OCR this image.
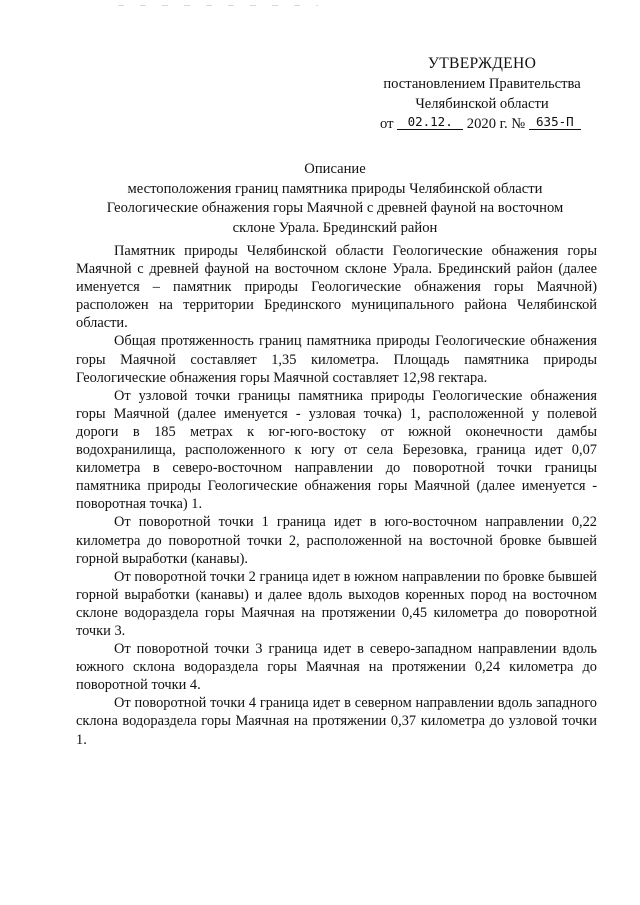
УТВЕРЖДЕНО
постановлением Правительства
Челябинской области
от 02.12. 2020 г. № 635-П
Описание
местоположения границ памятника природы Челябинской области
Геологические обнажения горы Маячной с древней фауной на восточном
склоне Урала. Брединский район

Памятник природы Челябинской области Геологические обнажения горы Маячной с древней фауной на восточном склоне Урала. Брединский район (далее именуется – памятник природы Геологические обнажения горы Маячной) расположен на территории Брединского муниципального района Челябинской области.

Общая протяженность границ памятника природы Геологические обнажения горы Маячной составляет 1,35 километра. Площадь памятника природы Геологические обнажения горы Маячной составляет 12,98 гектара.

От узловой точки границы памятника природы Геологические обнажения горы Маячной (далее именуется - узловая точка) 1, расположенной у полевой дороги в 185 метрах к юг-юго-востоку от южной оконечности дамбы водохранилища, расположенного к югу от села Березовка, граница идет 0,07 километра в северо-восточном направлении до поворотной точки границы памятника природы Геологические обнажения горы Маячной (далее именуется - поворотная точка) 1.

От поворотной точки 1 граница идет в юго-восточном направлении 0,22 километра до поворотной точки 2, расположенной на восточной бровке бывшей горной выработки (канавы).

От поворотной точки 2 граница идет в южном направлении по бровке бывшей горной выработки (канавы) и далее вдоль выходов коренных пород на восточном склоне водораздела горы Маячная на протяжении 0,45 километра до поворотной точки 3.

От поворотной точки 3 граница идет в северо-западном направлении вдоль южного склона водораздела горы Маячная на протяжении 0,24 километра до поворотной точки 4.

От поворотной точки 4 граница идет в северном направлении вдоль западного склона водораздела горы Маячная на протяжении 0,37 километра до узловой точки 1.
